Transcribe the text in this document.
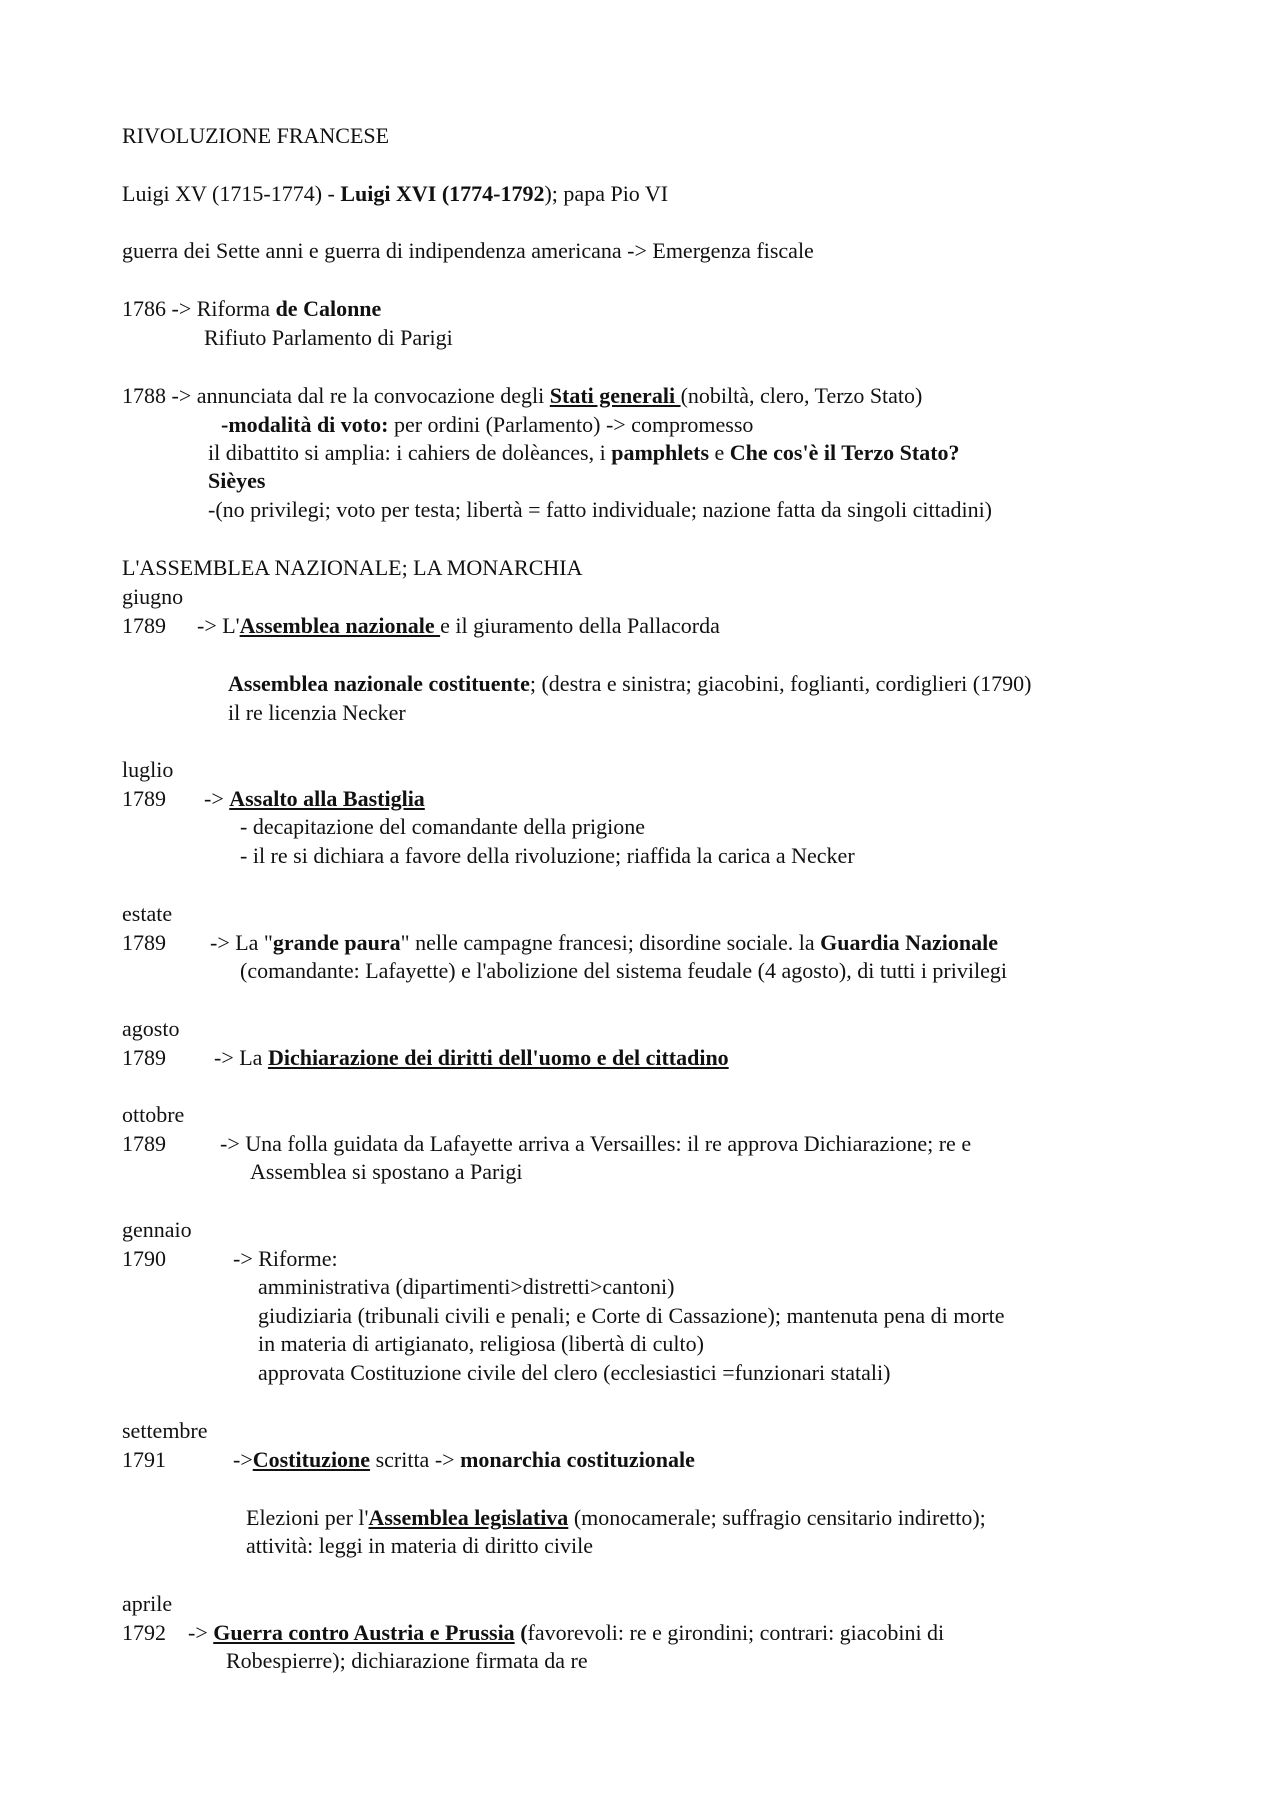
RIVOLUZIONE FRANCESE
Luigi XV (1715-1774) - Luigi XVI (1774-1792); papa Pio VI
guerra dei Sette anni e guerra di indipendenza americana -> Emergenza fiscale
1786 -> Riforma de Calonne
Rifiuto Parlamento di Parigi
1788 -> annunciata dal re la convocazione degli Stati generali (nobiltà, clero, Terzo Stato)
-modalità di voto: per ordini (Parlamento) -> compromesso
il dibattito si amplia: i cahiers de dolèances, i pamphlets e Che cos'è il Terzo Stato?
Sièyes
-(no privilegi; voto per testa; libertà = fatto individuale; nazione fatta da singoli cittadini)
L'ASSEMBLEA NAZIONALE; LA MONARCHIA
giugno
1789 -> L'Assemblea nazionale e il giuramento della Pallacorda
Assemblea nazionale costituente; (destra e sinistra; giacobini, foglianti, cordiglieri (1790)
il re licenzia Necker
luglio
1789 -> Assalto alla Bastiglia
- decapitazione del comandante della prigione
- il re si dichiara a favore della rivoluzione; riaffida la carica a Necker
estate
1789 -> La "grande paura" nelle campagne francesi; disordine sociale. la Guardia Nazionale
(comandante: Lafayette) e l'abolizione del sistema feudale (4 agosto), di tutti i privilegi
agosto
1789 -> La Dichiarazione dei diritti dell'uomo e del cittadino
ottobre
1789 -> Una folla guidata da Lafayette arriva a Versailles: il re approva Dichiarazione; re e
Assemblea si spostano a Parigi
gennaio
1790	-> Riforme:
amministrativa (dipartimenti>distretti>cantoni)
giudiziaria (tribunali civili e penali; e Corte di Cassazione); mantenuta pena di morte
in materia di artigianato, religiosa (libertà di culto)
approvata Costituzione civile del clero (ecclesiastici =funzionari statali)
settembre
1791	->Costituzione scritta -> monarchia costituzionale
Elezioni per l'Assemblea legislativa (monocamerale; suffragio censitario indiretto);
attività: leggi in materia di diritto civile
aprile
1792 -> Guerra contro Austria e Prussia (favorevoli: re e girondini; contrari: giacobini di
Robespierre); dichiarazione firmata da re
